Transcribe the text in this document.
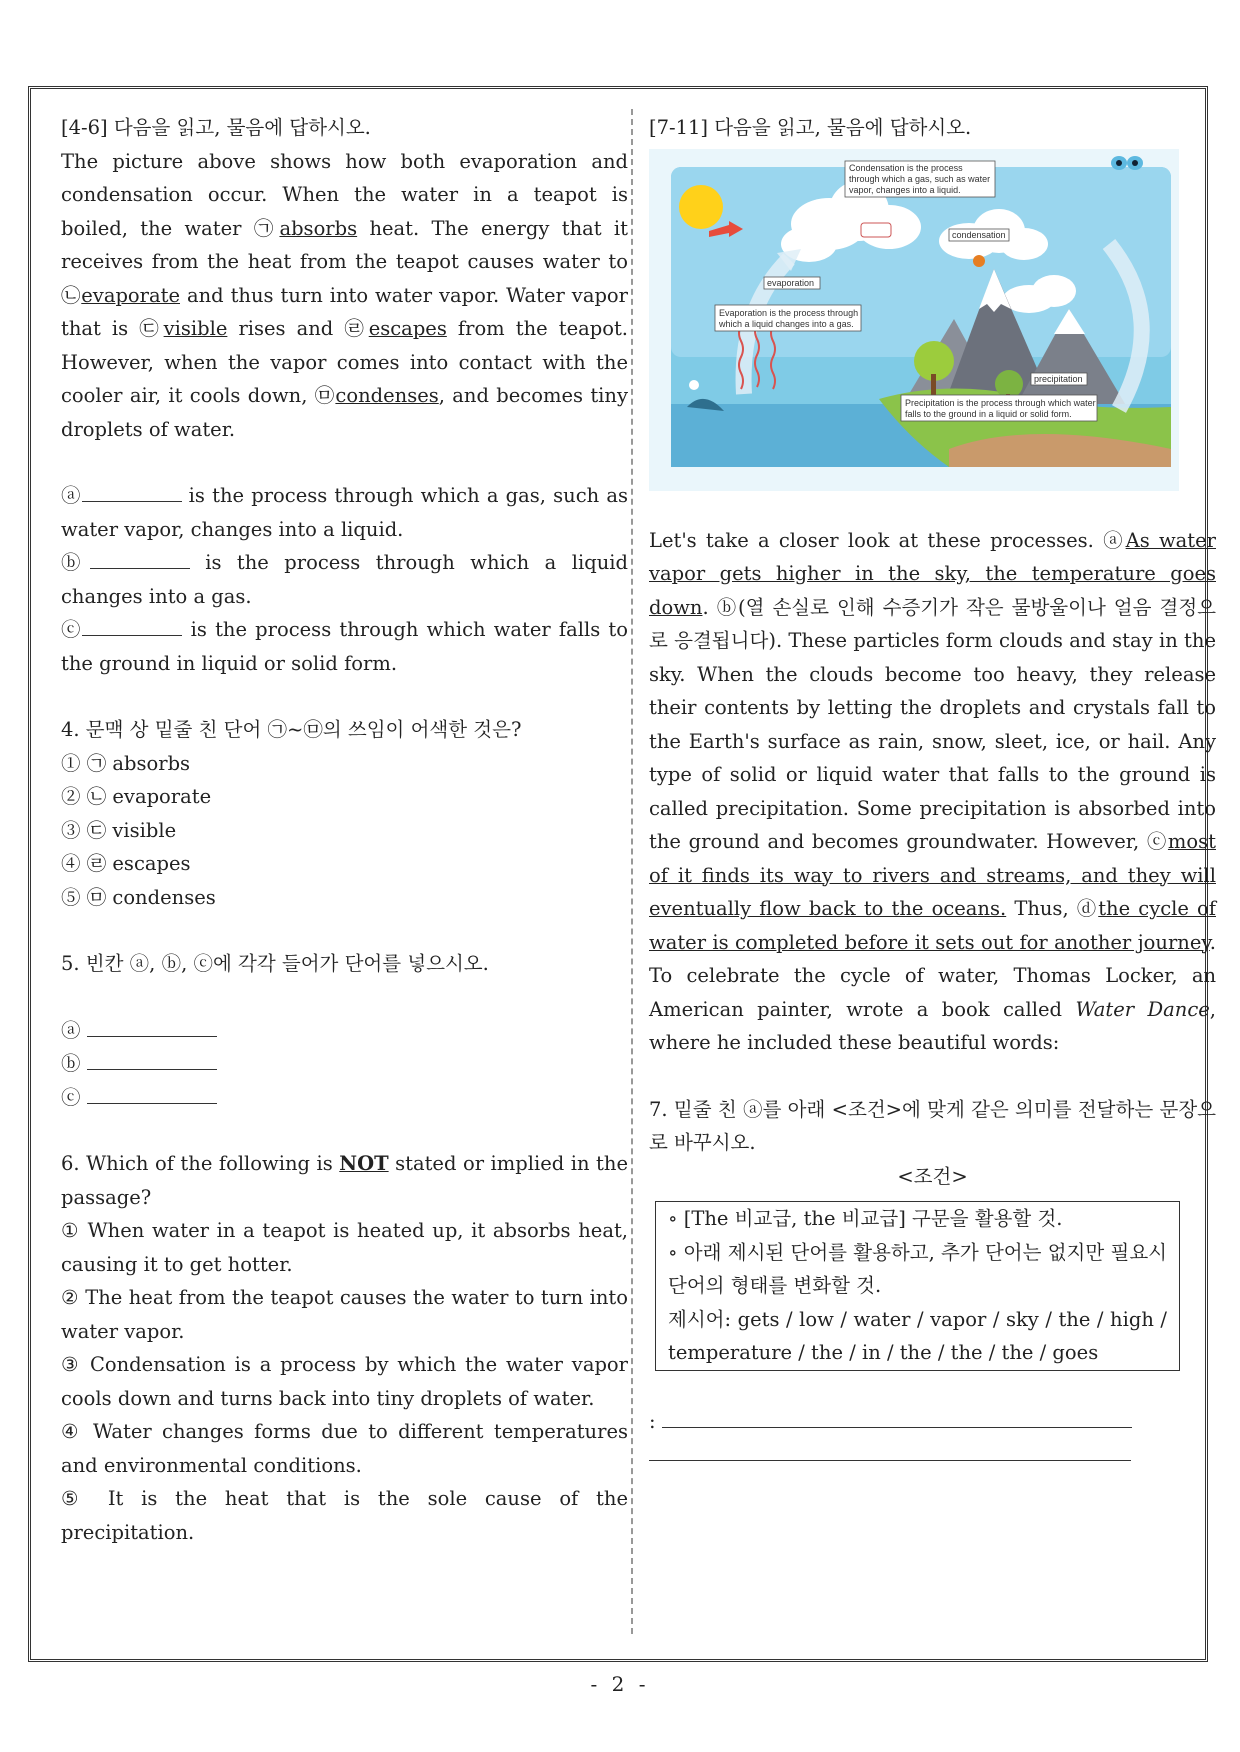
[4-6] 다음을 읽고, 물음에 답하시오.

The picture above shows how both evaporation and condensation occur. When the water in a teapot is boiled, the water ㉠absorbs heat. The energy that it receives from the heat from the teapot causes water to ㉡evaporate and thus turn into water vapor. Water vapor that is ㉢visible rises and ㉣escapes from the teapot. However, when the vapor comes into contact with the cooler air, it cools down, ㉤condenses, and becomes tiny droplets of water.

ⓐ	is the process through which a gas, such as water vapor, changes into a liquid.

ⓑ	is the process through which a liquid changes into a gas.

ⓒ	is the process through which water falls to the ground in liquid or solid form.

4. 문맥 상 밑줄 친 단어 ㉠~㉤의 쓰임이 어색한 것은?

① ㉠ absorbs
② ㉡ evaporate
③ ㉢ visible
④ ㉣ escapes
⑤ ㉤ condenses

5. 빈칸 ⓐ, ⓑ, ⓒ에 각각 들어가 단어를 넣으시오.

ⓐ
ⓑ
ⓒ

6. Which of the following is NOT stated or implied in the passage?

① When water in a teapot is heated up, it absorbs heat, causing it to get hotter.

② The heat from the teapot causes the water to turn into water vapor.

③ Condensation is a process by which the water vapor cools down and turns back into tiny droplets of water.

④ Water changes forms due to different temperatures and environmental conditions.

⑤ It is the heat that is the sole cause of the precipitation.

[7-11] 다음을 읽고, 물음에 답하시오.

Condensation is the process
through which a gas, such as water
vapor, changes into a liquid.
condensation
evaporation
Evaporation is the process through
which a liquid changes into a gas.
precipitation
Precipitation is the process through which water
falls to the ground in a liquid or solid form.

Let's take a closer look at these processes. ⓐAs water vapor gets higher in the sky, the temperature goes down. ⓑ(열 손실로 인해 수증기가 작은 물방울이나 얼음 결정으로 응결됩니다). These particles form clouds and stay in the sky. When the clouds become too heavy, they release their contents by letting the droplets and crystals fall to the Earth's surface as rain, snow, sleet, ice, or hail. Any type of solid or liquid water that falls to the ground is called precipitation. Some precipitation is absorbed into the ground and becomes groundwater. However, ⓒmost of it finds its way to rivers and streams, and they will eventually flow back to the oceans. Thus, ⓓthe cycle of water is completed before it sets out for another journey. To celebrate the cycle of water, Thomas Locker, an American painter, wrote a book called Water Dance, where he included these beautiful words:

7. 밑줄 친 ⓐ를 아래 <조건>에 맞게 같은 의미를 전달하는 문장으로 바꾸시오.

<조건>

∘ [The 비교급, the 비교급] 구문을 활용할 것.

∘ 아래 제시된 단어를 활용하고, 추가 단어는 없지만 필요시 단어의 형태를 변화할 것.

제시어: gets / low / water / vapor / sky / the / high / temperature / the / in / the / the / the / goes

:

- 2 -
